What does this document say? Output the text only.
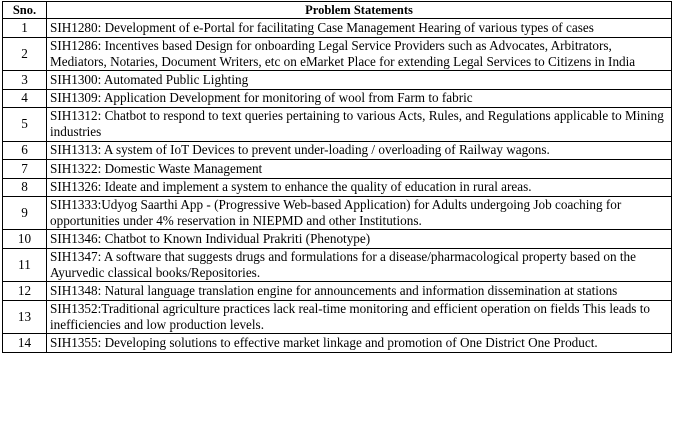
Sno.	Problem Statements
1	SIH1280: Development of e-Portal for facilitating Case Management Hearing of various types of cases
2	SIH1286: Incentives based Design for onboarding Legal Service Providers such as Advocates, Arbitrators, Mediators, Notaries, Document Writers, etc on eMarket Place for extending Legal Services to Citizens in India
3	SIH1300: Automated Public Lighting
4	SIH1309: Application Development for monitoring of wool from Farm to fabric
5	SIH1312: Chatbot to respond to text queries pertaining to various Acts, Rules, and Regulations applicable to Mining industries
6	SIH1313: A system of IoT Devices to prevent under-loading / overloading of Railway wagons.
7	SIH1322: Domestic Waste Management
8	SIH1326: Ideate and implement a system to enhance the quality of education in rural areas.
9	SIH1333:Udyog Saarthi App - (Progressive Web-based Application) for Adults undergoing Job coaching for opportunities under 4% reservation in NIEPMD and other Institutions.
10	SIH1346: Chatbot to Known Individual Prakriti (Phenotype)
11	SIH1347: A software that suggests drugs and formulations for a disease/pharmacological property based on the Ayurvedic classical books/Repositories.
12	SIH1348: Natural language translation engine for announcements and information dissemination at stations
13	SIH1352:Traditional agriculture practices lack real-time monitoring and efficient operation on fields This leads to inefficiencies and low production levels.
14	SIH1355: Developing solutions to effective market linkage and promotion of One District One Product.
